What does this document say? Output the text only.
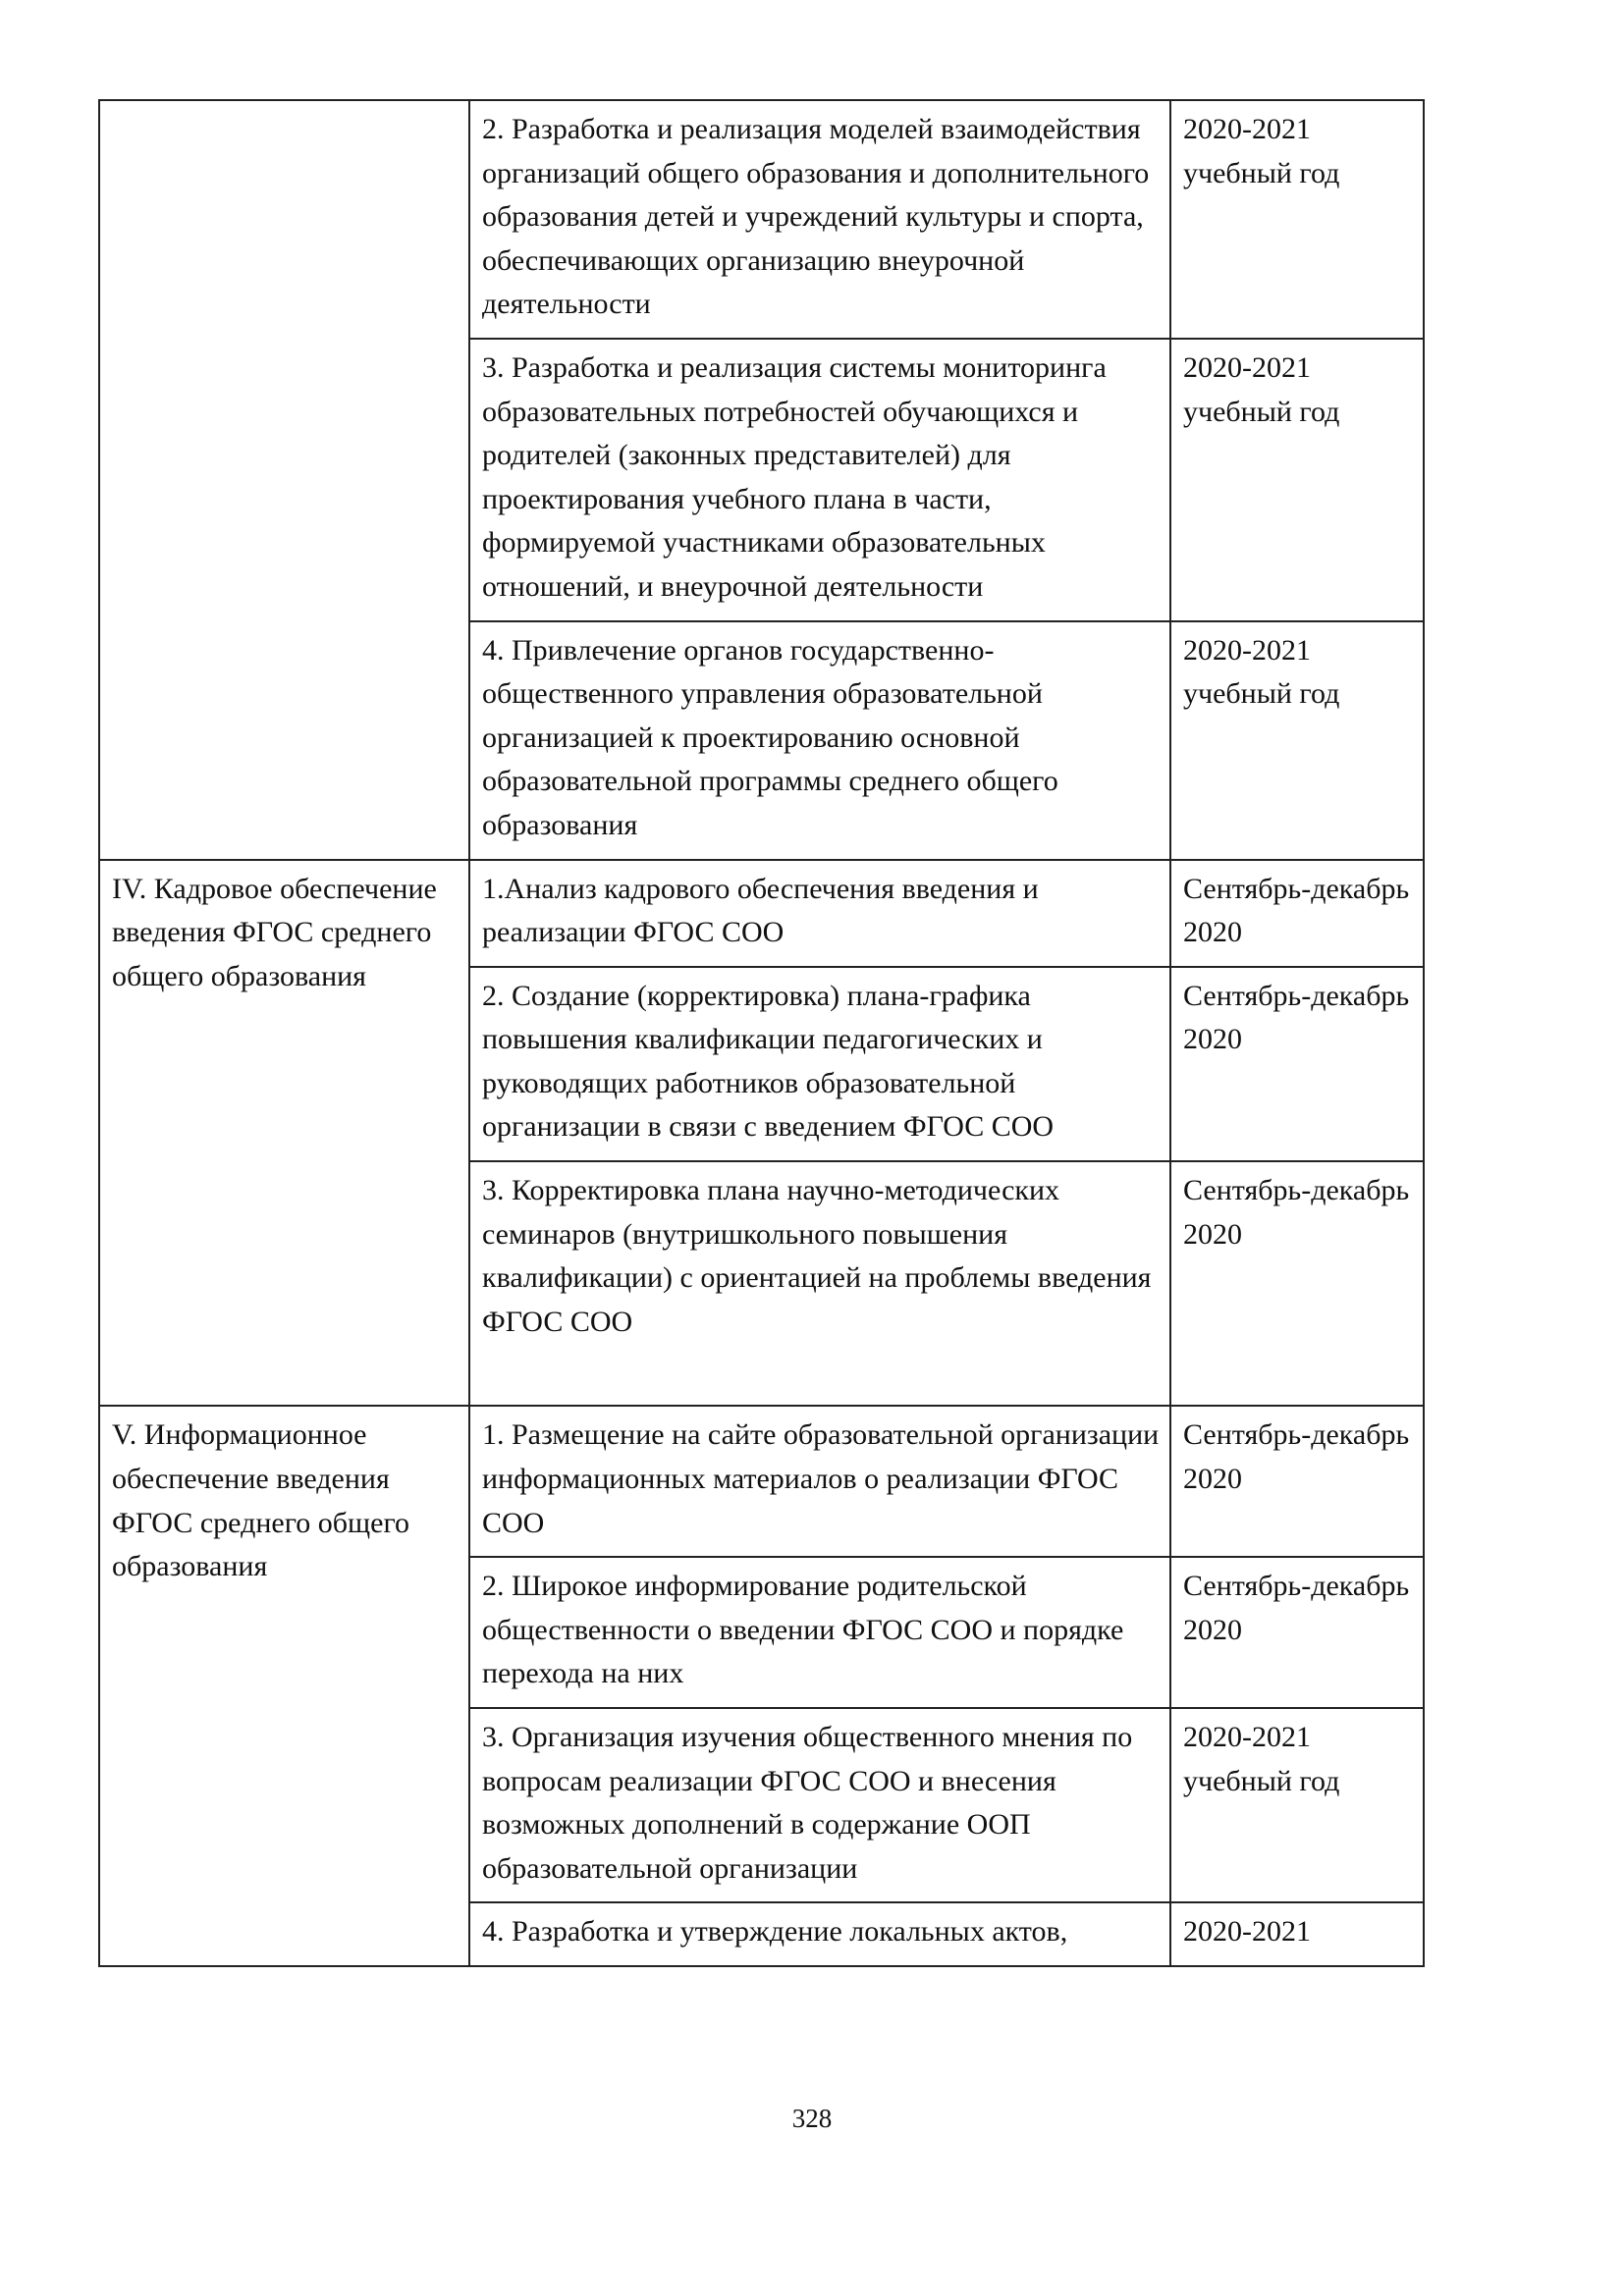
	2. Разработка и реализация моделей взаимодействия организаций общего образования и дополнительного образования детей и учреждений культуры и спорта, обеспечивающих организацию внеурочной деятельности	2020-2021 учебный год
	3. Разработка и реализация системы мониторинга образовательных потребностей обучающихся и родителей (законных представителей) для проектирования учебного плана в части, формируемой участниками образовательных отношений, и внеурочной деятельности	2020-2021 учебный год
	4. Привлечение органов государственно-общественного управления образовательной организацией к проектированию основной образовательной программы среднего общего образования	2020-2021 учебный год
IV. Кадровое обеспечение введения ФГОС среднего общего образования	1.Анализ кадрового обеспечения введения и реализации ФГОС СОО	Сентябрь-декабрь 2020
	2. Создание (корректировка) плана-графика повышения квалификации педагогических и руководящих работников образовательной организации в связи с введением ФГОС СОО	Сентябрь-декабрь 2020
	3. Корректировка плана научно-методических семинаров (внутришкольного повышения квалификации) с ориентацией на проблемы введения ФГОС СОО	Сентябрь-декабрь 2020
V. Информационное обеспечение введения ФГОС среднего общего образования	1. Размещение на сайте образовательной организации информационных материалов о реализации ФГОС СОО	Сентябрь-декабрь 2020
	2. Широкое информирование родительской общественности о введении ФГОС СОО и порядке перехода на них	Сентябрь-декабрь 2020
	3. Организация изучения общественного мнения по вопросам реализации ФГОС СОО и внесения возможных дополнений в содержание ООП образовательной организации	2020-2021 учебный год
	4. Разработка и утверждение локальных актов,	2020-2021
328
